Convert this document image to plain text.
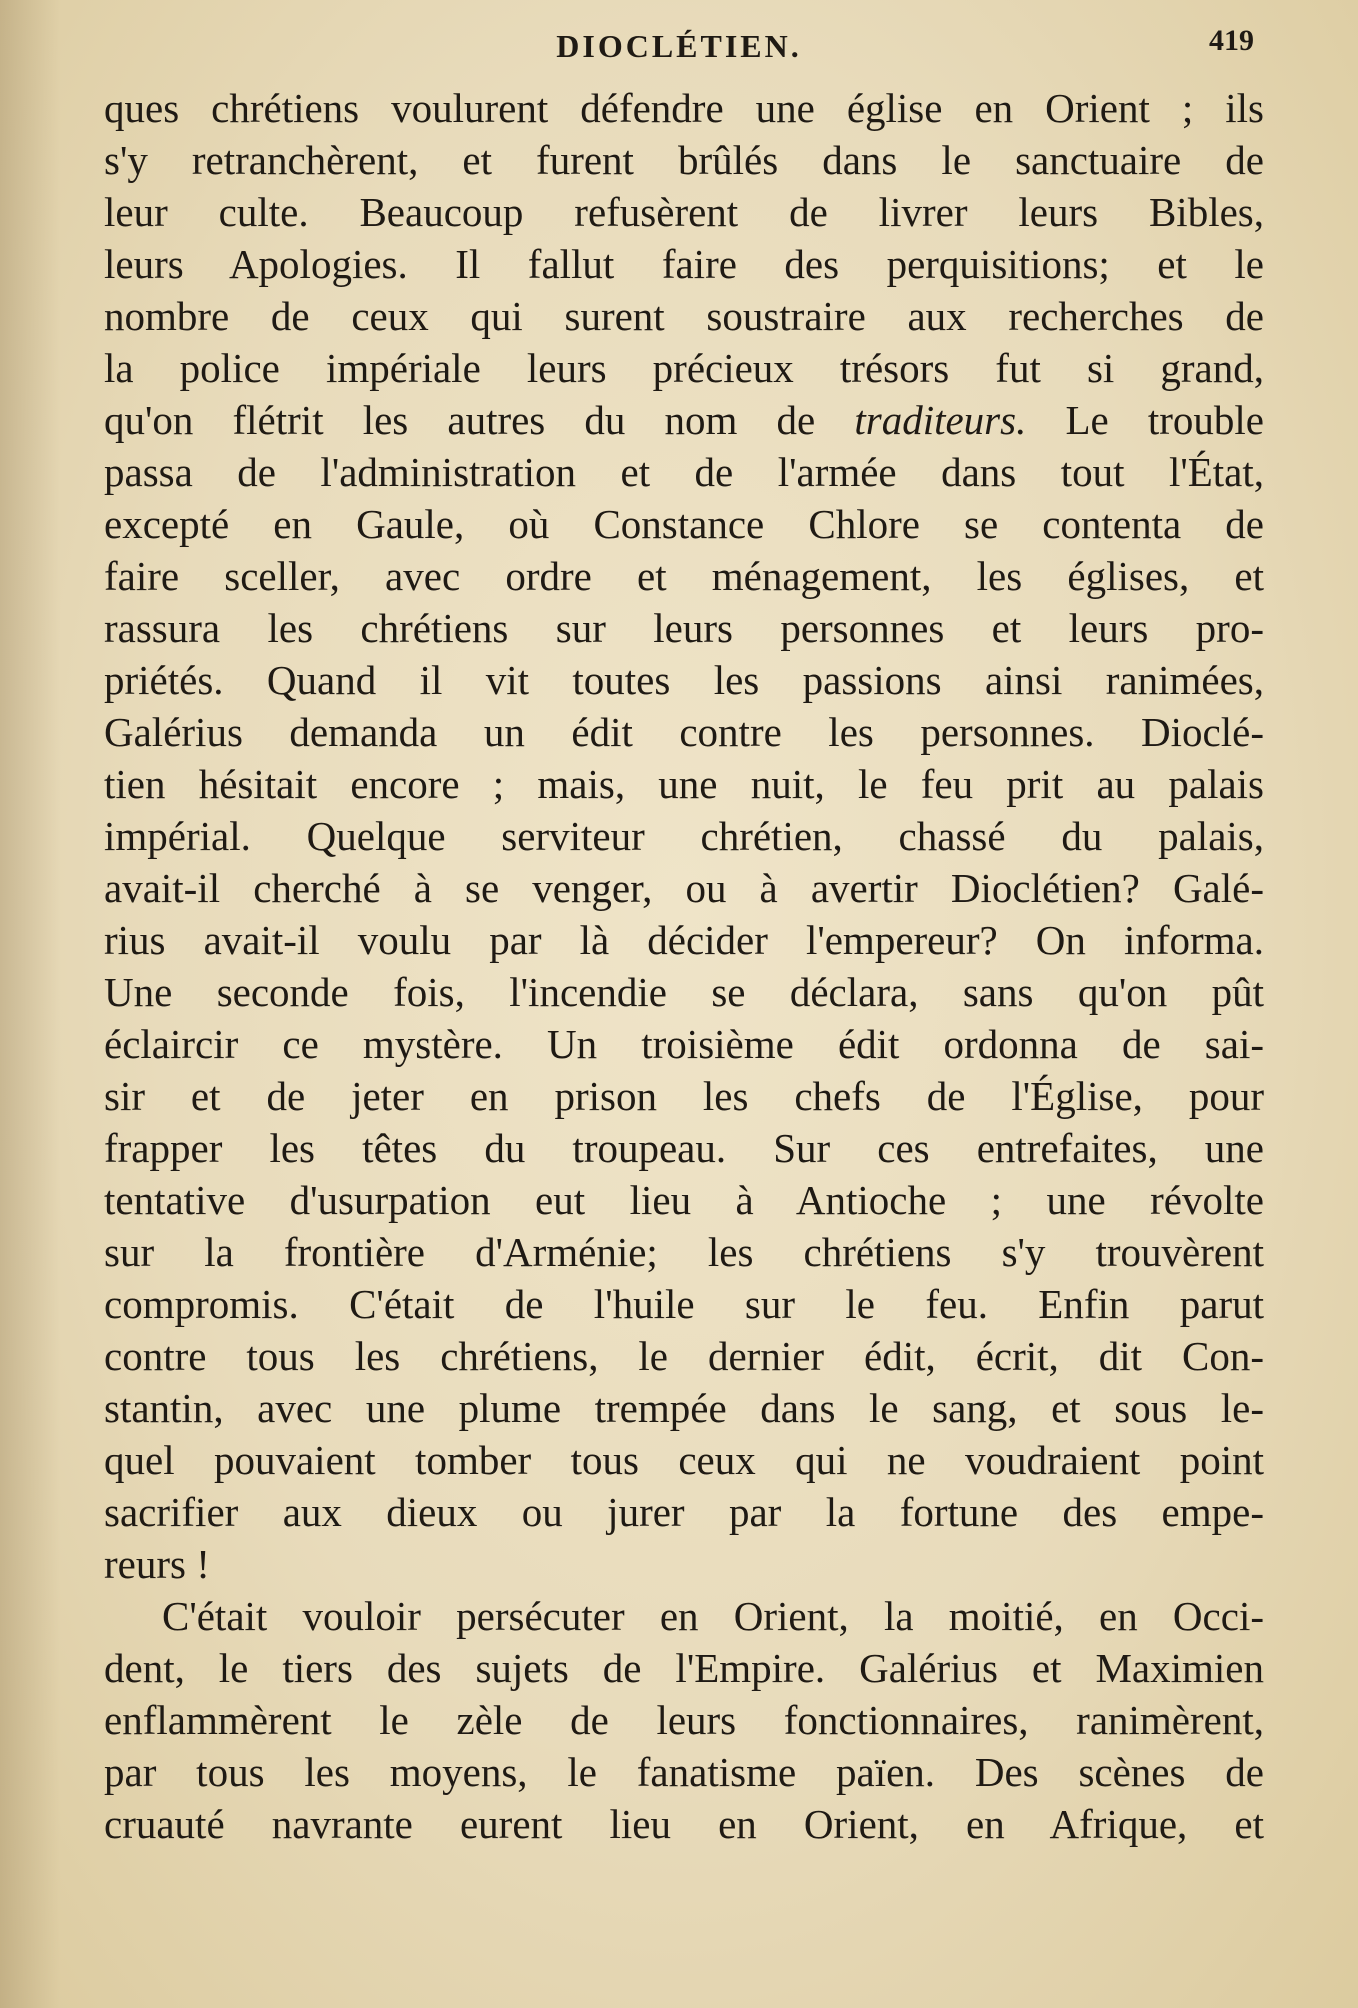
DIOCLÉTIEN.	419
ques chrétiens voulurent défendre une église en Orient ; ils
s'y retranchèrent, et furent brûlés dans le sanctuaire de
leur culte. Beaucoup refusèrent de livrer leurs Bibles,
leurs Apologies. Il fallut faire des perquisitions; et le
nombre de ceux qui surent soustraire aux recherches de
la police impériale leurs précieux trésors fut si grand,
qu'on flétrit les autres du nom de traditeurs. Le trouble
passa de l'administration et de l'armée dans tout l'État,
excepté en Gaule, où Constance Chlore se contenta de
faire sceller, avec ordre et ménagement, les églises, et
rassura les chrétiens sur leurs personnes et leurs pro-
priétés. Quand il vit toutes les passions ainsi ranimées,
Galérius demanda un édit contre les personnes. Dioclé-
tien hésitait encore ; mais, une nuit, le feu prit au palais
impérial. Quelque serviteur chrétien, chassé du palais,
avait-il cherché à se venger, ou à avertir Dioclétien? Galé-
rius avait-il voulu par là décider l'empereur? On informa.
Une seconde fois, l'incendie se déclara, sans qu'on pût
éclaircir ce mystère. Un troisième édit ordonna de sai-
sir et de jeter en prison les chefs de l'Église, pour
frapper les têtes du troupeau. Sur ces entrefaites, une
tentative d'usurpation eut lieu à Antioche ; une révolte
sur la frontière d'Arménie; les chrétiens s'y trouvèrent
compromis. C'était de l'huile sur le feu. Enfin parut
contre tous les chrétiens, le dernier édit, écrit, dit Con-
stantin, avec une plume trempée dans le sang, et sous le-
quel pouvaient tomber tous ceux qui ne voudraient point
sacrifier aux dieux ou jurer par la fortune des empe-
reurs !
C'était vouloir persécuter en Orient, la moitié, en Occi-
dent, le tiers des sujets de l'Empire. Galérius et Maximien
enflammèrent le zèle de leurs fonctionnaires, ranimèrent,
par tous les moyens, le fanatisme païen. Des scènes de
cruauté navrante eurent lieu en Orient, en Afrique, et
